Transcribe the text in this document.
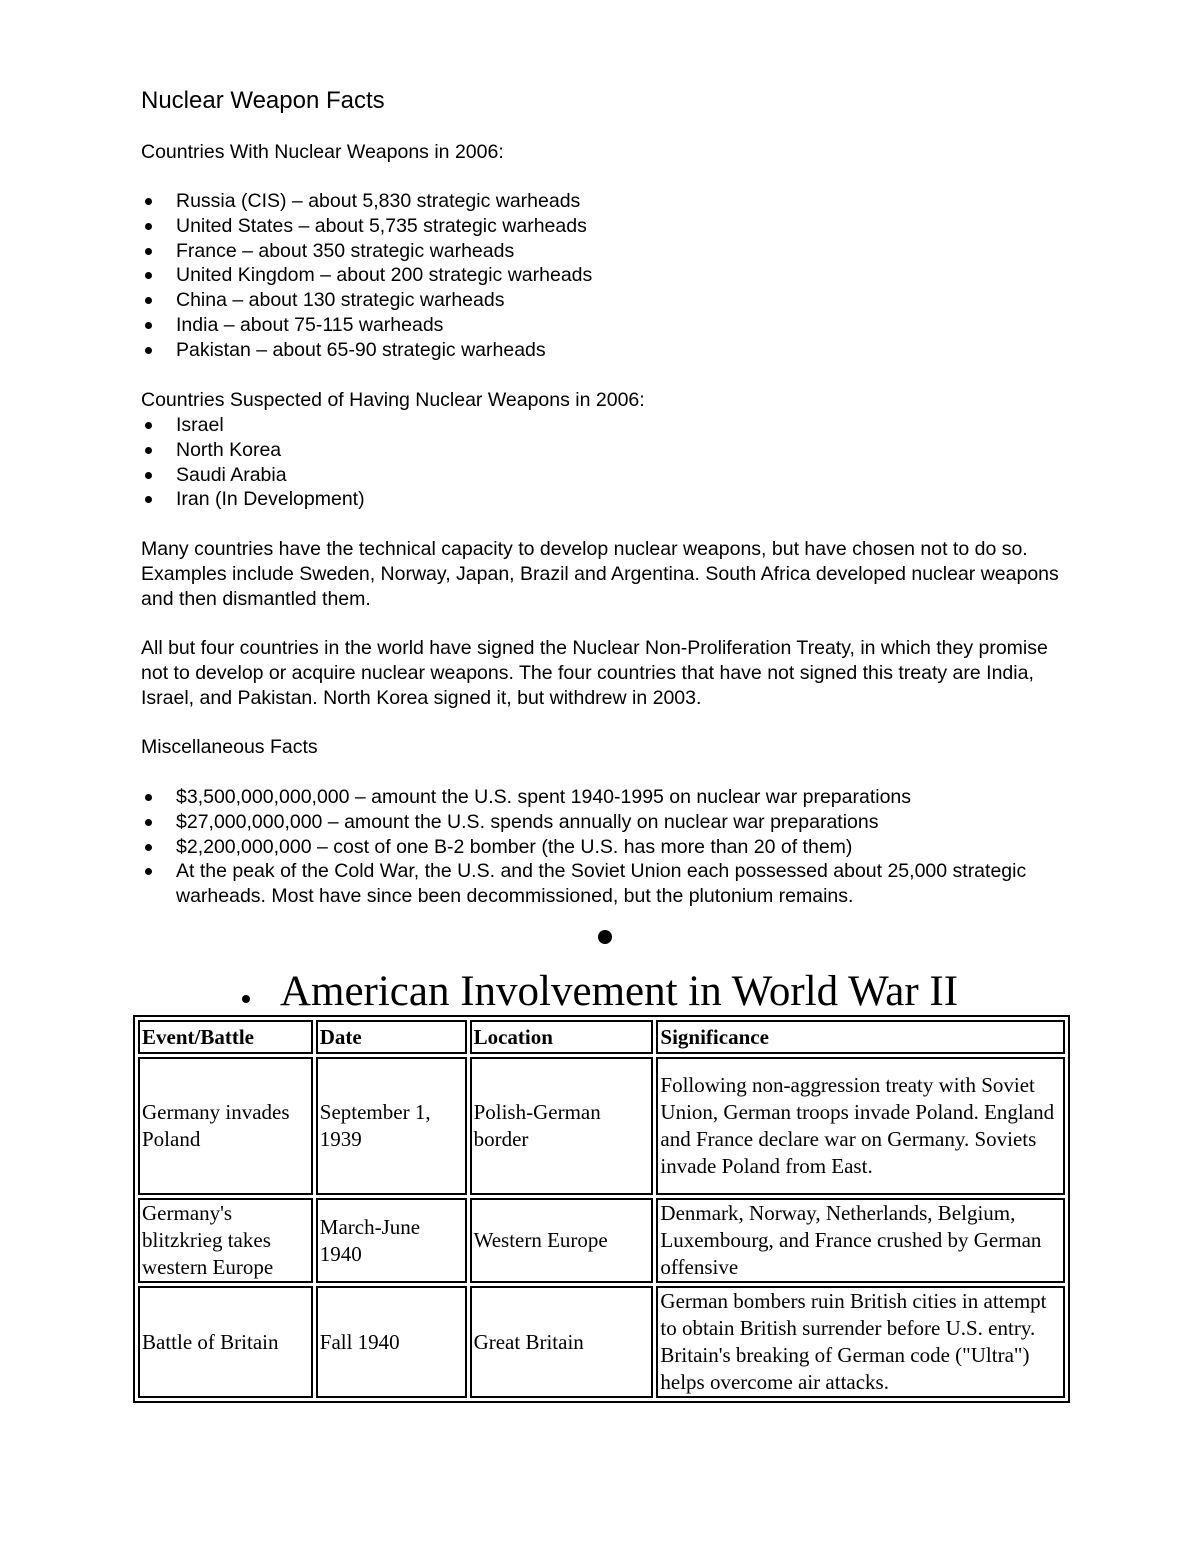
Nuclear Weapon Facts
Countries With Nuclear Weapons in 2006:
Russia (CIS) – about 5,830 strategic warheads
United States – about 5,735 strategic warheads
France – about 350 strategic warheads
United Kingdom – about 200 strategic warheads
China – about 130 strategic warheads
India – about 75-115 warheads
Pakistan – about 65-90 strategic warheads
Countries Suspected of Having Nuclear Weapons in 2006:
Israel
North Korea
Saudi Arabia
Iran (In Development)
Many countries have the technical capacity to develop nuclear weapons, but have chosen not to do so. Examples include Sweden, Norway, Japan, Brazil and Argentina. South Africa developed nuclear weapons and then dismantled them.
All but four countries in the world have signed the Nuclear Non-Proliferation Treaty, in which they promise not to develop or acquire nuclear weapons. The four countries that have not signed this treaty are India, Israel, and Pakistan. North Korea signed it, but withdrew in 2003.
Miscellaneous Facts
$3,500,000,000,000 – amount the U.S. spent 1940-1995 on nuclear war preparations
$27,000,000,000 – amount the U.S. spends annually on nuclear war preparations
$2,200,000,000 – cost of one B-2 bomber (the U.S. has more than 20 of them)
At the peak of the Cold War, the U.S. and the Soviet Union each possessed about 25,000 strategic warheads. Most have since been decommissioned, but the plutonium remains.
American Involvement in World War II
Event/Battle	Date	Location	Significance
Germany invades Poland	September 1, 1939	Polish-German border	Following non-aggression treaty with Soviet Union, German troops invade Poland. England and France declare war on Germany. Soviets invade Poland from East.
Germany's blitzkrieg takes western Europe	March-June 1940	Western Europe	Denmark, Norway, Netherlands, Belgium, Luxembourg, and France crushed by German offensive
Battle of Britain	Fall 1940	Great Britain	German bombers ruin British cities in attempt to obtain British surrender before U.S. entry. Britain's breaking of German code ("Ultra") helps overcome air attacks.
